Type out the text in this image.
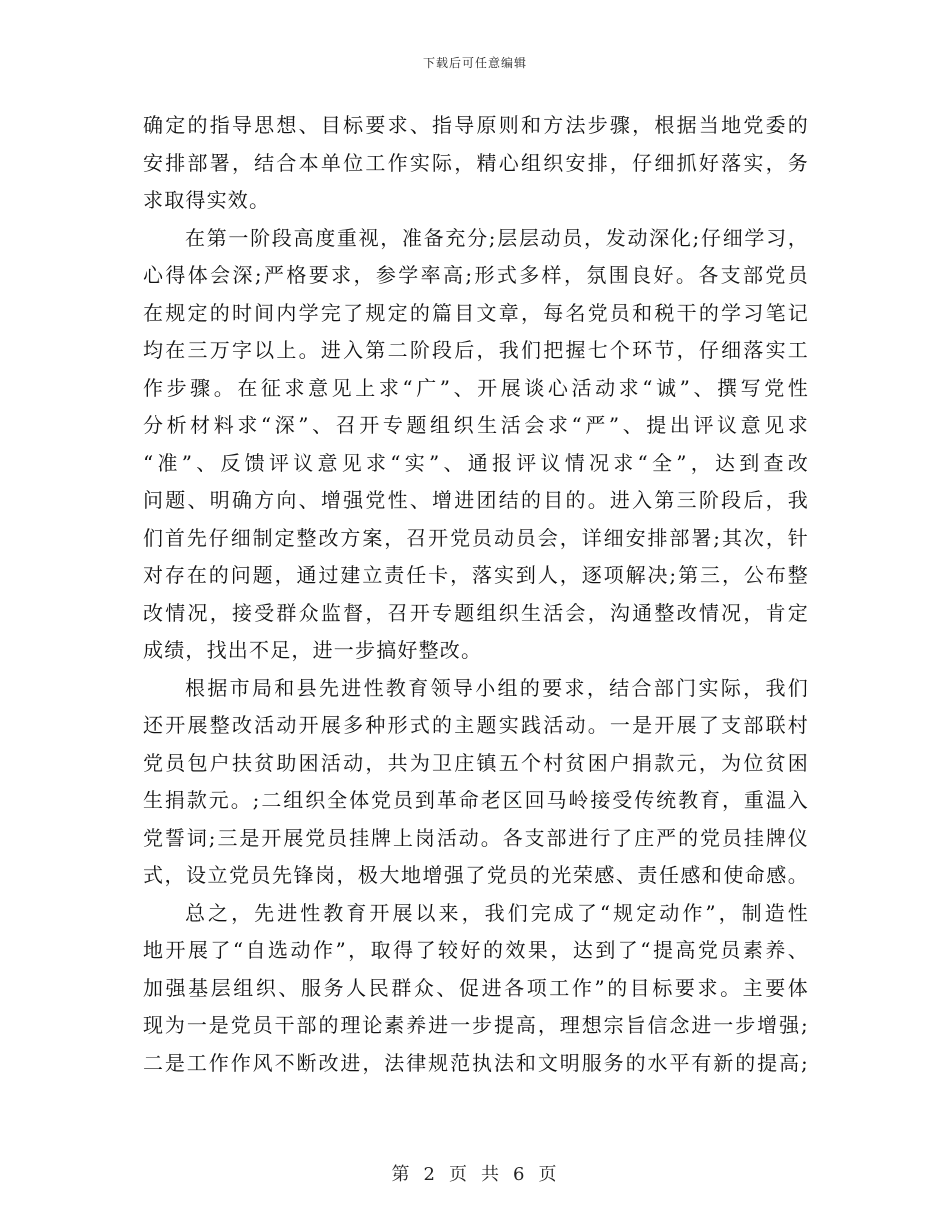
下载后可任意编辑
确定的指导思想、目标要求、指导原则和方法步骤，根据当地党委的
安排部署，结合本单位工作实际，精心组织安排，仔细抓好落实，务
求取得实效。
在第一阶段高度重视，准备充分;层层动员，发动深化;仔细学习，
心得体会深;严格要求，参学率高;形式多样，氛围良好。各支部党员
在规定的时间内学完了规定的篇目文章，每名党员和税干的学习笔记
均在三万字以上。进入第二阶段后，我们把握七个环节，仔细落实工
作步骤。在征求意见上求“广”、开展谈心活动求“诚”、撰写党性
分析材料求“深”、召开专题组织生活会求“严”、提出评议意见求
“准”、反馈评议意见求“实”、通报评议情况求“全”，达到查改
问题、明确方向、增强党性、增进团结的目的。进入第三阶段后，我
们首先仔细制定整改方案，召开党员动员会，详细安排部署;其次，针
对存在的问题，通过建立责任卡，落实到人，逐项解决;第三，公布整
改情况，接受群众监督，召开专题组织生活会，沟通整改情况，肯定
成绩，找出不足，进一步搞好整改。
根据市局和县先进性教育领导小组的要求，结合部门实际，我们
还开展整改活动开展多种形式的主题实践活动。一是开展了支部联村
党员包户扶贫助困活动，共为卫庄镇五个村贫困户捐款元，为位贫困
生捐款元。;二组织全体党员到革命老区回马岭接受传统教育，重温入
党誓词;三是开展党员挂牌上岗活动。各支部进行了庄严的党员挂牌仪
式，设立党员先锋岗，极大地增强了党员的光荣感、责任感和使命感。
总之，先进性教育开展以来，我们完成了“规定动作”，制造性
地开展了“自选动作”，取得了较好的效果，达到了“提高党员素养、
加强基层组织、服务人民群众、促进各项工作”的目标要求。主要体
现为一是党员干部的理论素养进一步提高，理想宗旨信念进一步增强;
二是工作作风不断改进，法律规范执法和文明服务的水平有新的提高;
第 2 页 共 6 页
